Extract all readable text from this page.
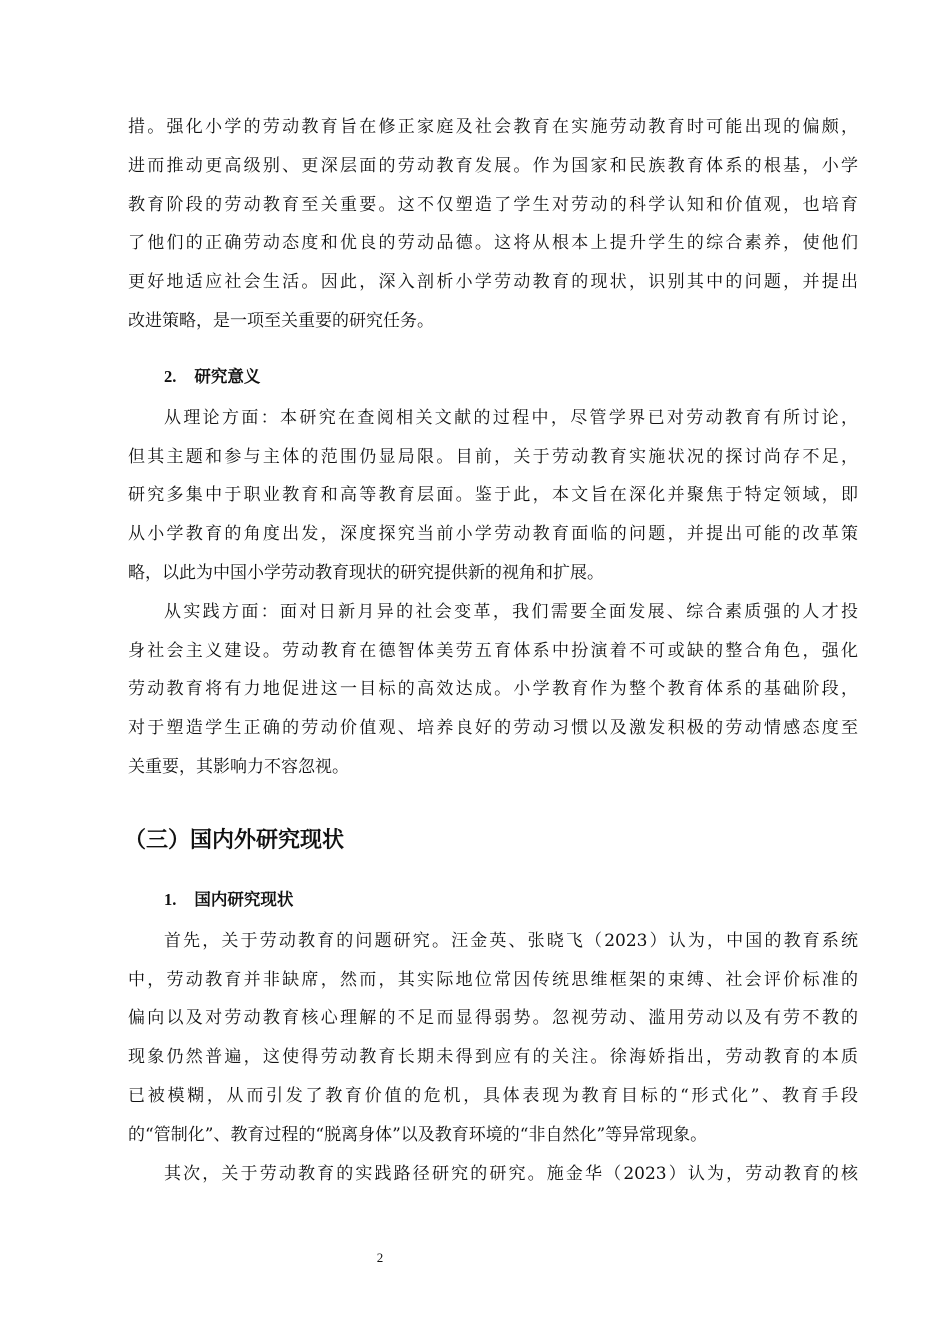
措。强化小学的劳动教育旨在修正家庭及社会教育在实施劳动教育时可能出现的偏颇，
进而推动更高级别、更深层面的劳动教育发展。作为国家和民族教育体系的根基，小学
教育阶段的劳动教育至关重要。这不仅塑造了学生对劳动的科学认知和价值观，也培育
了他们的正确劳动态度和优良的劳动品德。这将从根本上提升学生的综合素养，使他们
更好地适应社会生活。因此，深入剖析小学劳动教育的现状，识别其中的问题，并提出
改进策略，是一项至关重要的研究任务。
2. 研究意义
从理论方面：本研究在查阅相关文献的过程中，尽管学界已对劳动教育有所讨论，
但其主题和参与主体的范围仍显局限。目前，关于劳动教育实施状况的探讨尚存不足，
研究多集中于职业教育和高等教育层面。鉴于此，本文旨在深化并聚焦于特定领域，即
从小学教育的角度出发，深度探究当前小学劳动教育面临的问题，并提出可能的改革策
略，以此为中国小学劳动教育现状的研究提供新的视角和扩展。
从实践方面：面对日新月异的社会变革，我们需要全面发展、综合素质强的人才投
身社会主义建设。劳动教育在德智体美劳五育体系中扮演着不可或缺的整合角色，强化
劳动教育将有力地促进这一目标的高效达成。小学教育作为整个教育体系的基础阶段，
对于塑造学生正确的劳动价值观、培养良好的劳动习惯以及激发积极的劳动情感态度至
关重要，其影响力不容忽视。
（三）国内外研究现状
1. 国内研究现状
首先，关于劳动教育的问题研究。汪金英、张晓飞（2023）认为，中国的教育系统
中，劳动教育并非缺席，然而，其实际地位常因传统思维框架的束缚、社会评价标准的
偏向以及对劳动教育核心理解的不足而显得弱势。忽视劳动、滥用劳动以及有劳不教的
现象仍然普遍，这使得劳动教育长期未得到应有的关注。徐海娇指出，劳动教育的本质
已被模糊，从而引发了教育价值的危机，具体表现为教育目标的“形式化”、教育手段
的“管制化”、教育过程的“脱离身体”以及教育环境的“非自然化”等异常现象。
其次，关于劳动教育的实践路径研究的研究。施金华（2023）认为，劳动教育的核
2
